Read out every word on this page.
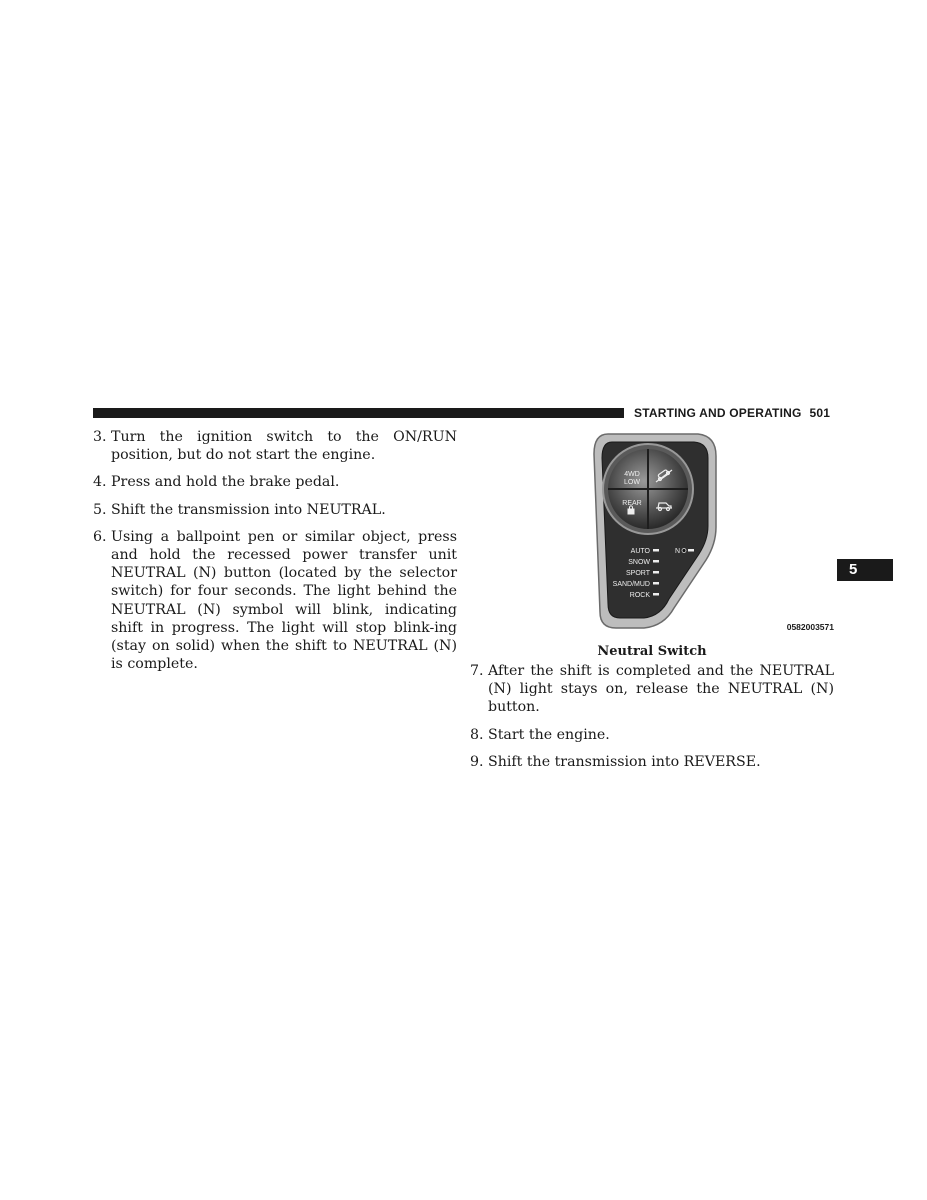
STARTING AND OPERATING 501
5
3. Turn the ignition switch to the ON/RUN position, but do not start the engine.
4. Press and hold the brake pedal.
5. Shift the transmission into NEUTRAL.
6. Using a ballpoint pen or similar object, press and hold the recessed power transfer unit NEUTRAL (N) button (located by the selector switch) for four seconds. The light behind the NEUTRAL (N) symbol will blink, indicating shift in progress. The light will stop blink-ing (stay on solid) when the shift to NEUTRAL (N) is complete.
4WD
LOW
REAR
AUTO
SNOW
SPORT
SAND/MUD
ROCK
N
0582003571
Neutral Switch
7. After the shift is completed and the NEUTRAL (N) light stays on, release the NEUTRAL (N) button.
8. Start the engine.
9. Shift the transmission into REVERSE.
